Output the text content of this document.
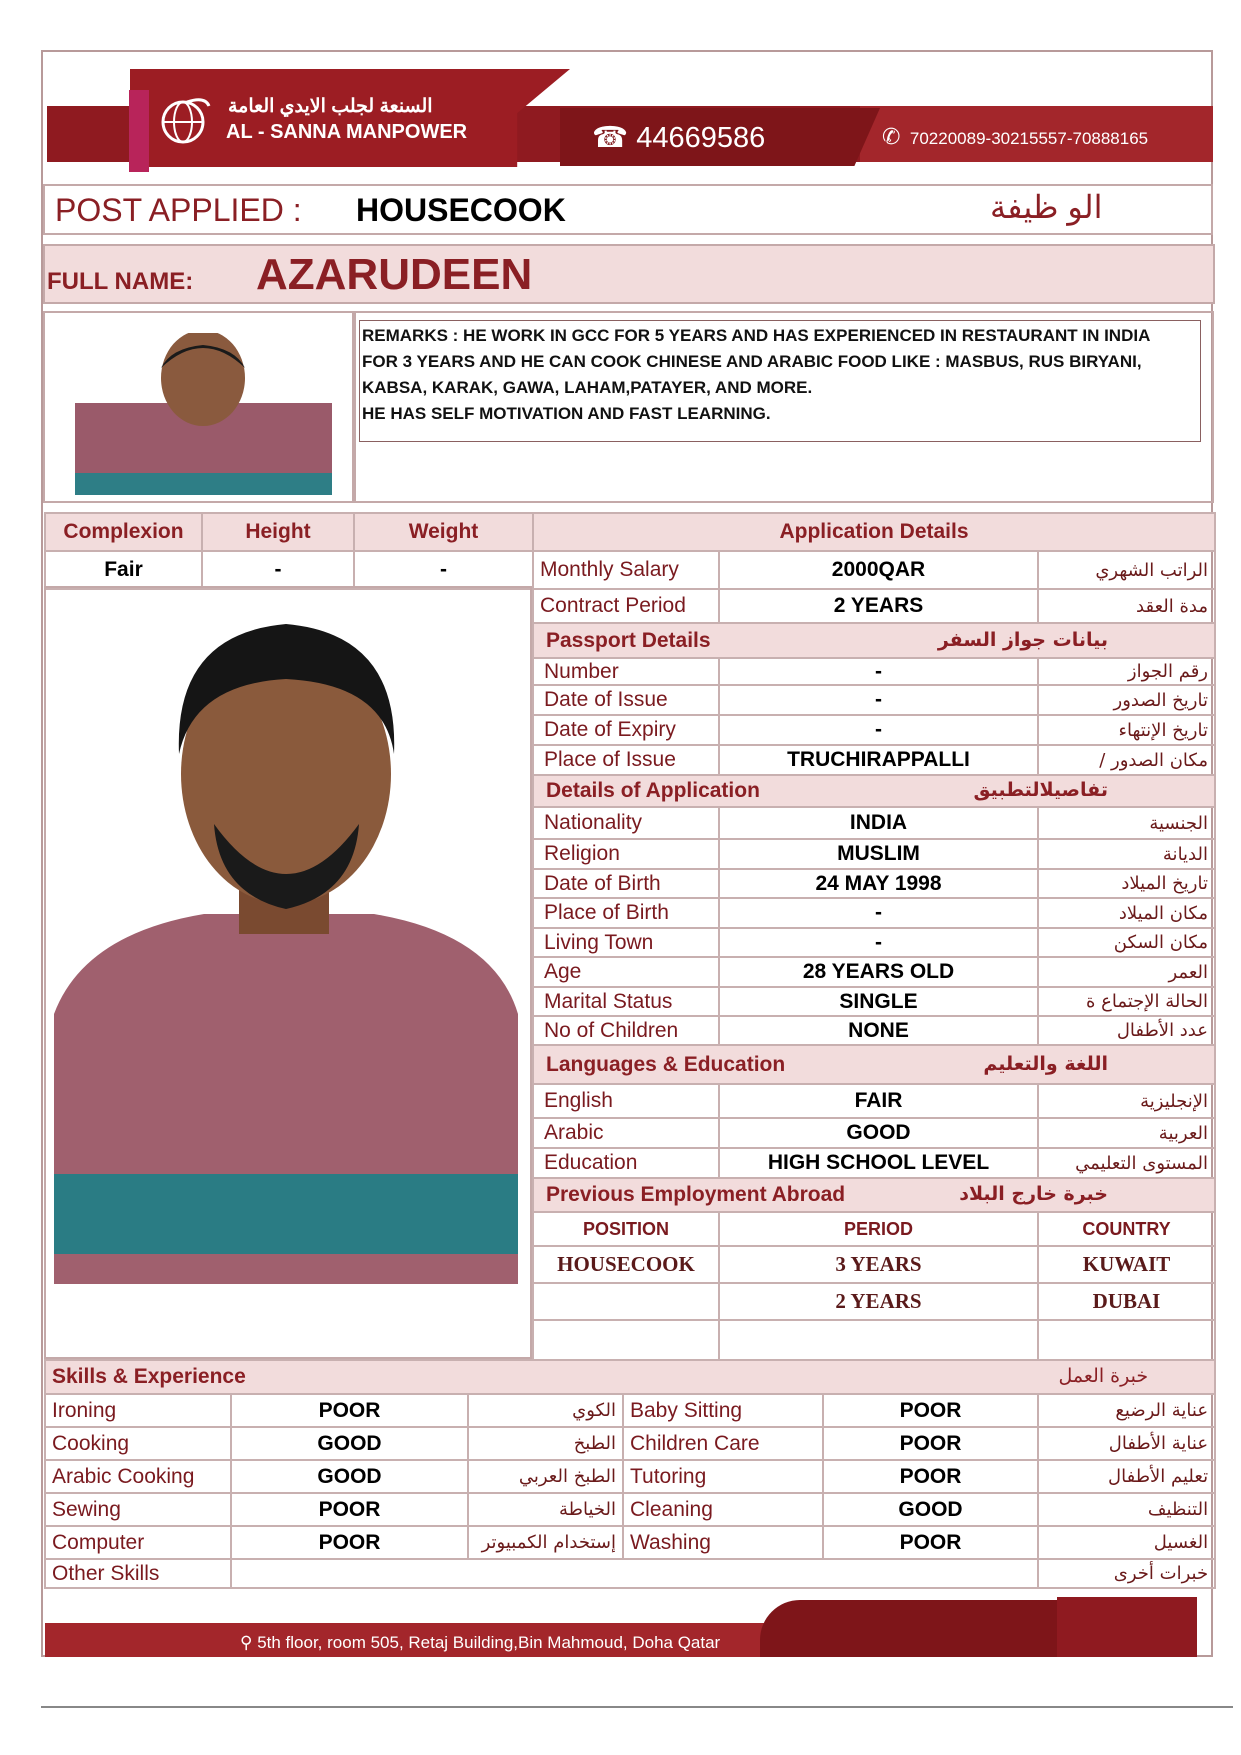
السنعة لجلب الايدي العامة
AL - SANNA MANPOWER	☎ 44669586	✆ 70220089-30215557-70888165
POST APPLIED : HOUSECOOK	الو ظيفة
FULL NAME: AZARUDEEN
REMARKS : HE WORK IN GCC FOR 5 YEARS AND HAS EXPERIENCED IN RESTAURANT IN INDIA
FOR 3 YEARS AND HE CAN COOK CHINESE AND ARABIC FOOD LIKE : MASBUS, RUS BIRYANI,
KABSA, KARAK, GAWA, LAHAM,PATAYER, AND MORE.
HE HAS SELF MOTIVATION AND FAST LEARNING.
Complexion	Height	Weight
Fair	-	-
Application Details		
Monthly Salary	2000QAR	الراتب الشهري
Contract Period	2 YEARS	مدة العقد
Passport Details بيانات جواز السفر		
Number	-	رقم الجواز
Date of Issue	-	تاريخ الصدور
Date of Expiry	-	تاريخ الإنتهاء
Place of Issue	TRUCHIRAPPALLI	مكان الصدور /
Details of Application تفاصيلالتطبيق		

Nationality	INDIA	الجنسية
Religion	MUSLIM	الديانة
Date of Birth	24 MAY 1998	تاريخ الميلاد
Place of Birth	-	مكان الميلاد
Living Town	-	مكان السكن
Age	28 YEARS OLD	العمر
Marital Status	SINGLE	الحالة الإجتماع ة
No of Children	NONE	عدد الأطفال
Languages & Education اللغة والتعليم		

English	FAIR	الإنجليزية
Arabic	GOOD	العربية
Education	HIGH SCHOOL LEVEL	المستوى التعليمي
Previous Employment Abroad خبرة خارج البلاد		

POSITION	PERIOD	COUNTRY
HOUSECOOK	3 YEARS	KUWAIT
	2 YEARS	DUBAI

Skills & Experience خبرة العمل					

Ironing	POOR	الكوي	Baby Sitting	POOR	عناية الرضيع
Cooking	GOOD	الطبخ	Children Care	POOR	عناية الأطفال
Arabic Cooking	GOOD	الطبخ العربي	Tutoring	POOR	تعليم الأطفال
Sewing	POOR	الخياطة	Cleaning	GOOD	التنظيف
Computer	POOR	إستخدام الكمبيوتر	Washing	POOR	الغسيل
Other Skills					خبرات أخرى
⚲ 5th floor, room 505, Retaj Building,Bin Mahmoud, Doha Qatar
